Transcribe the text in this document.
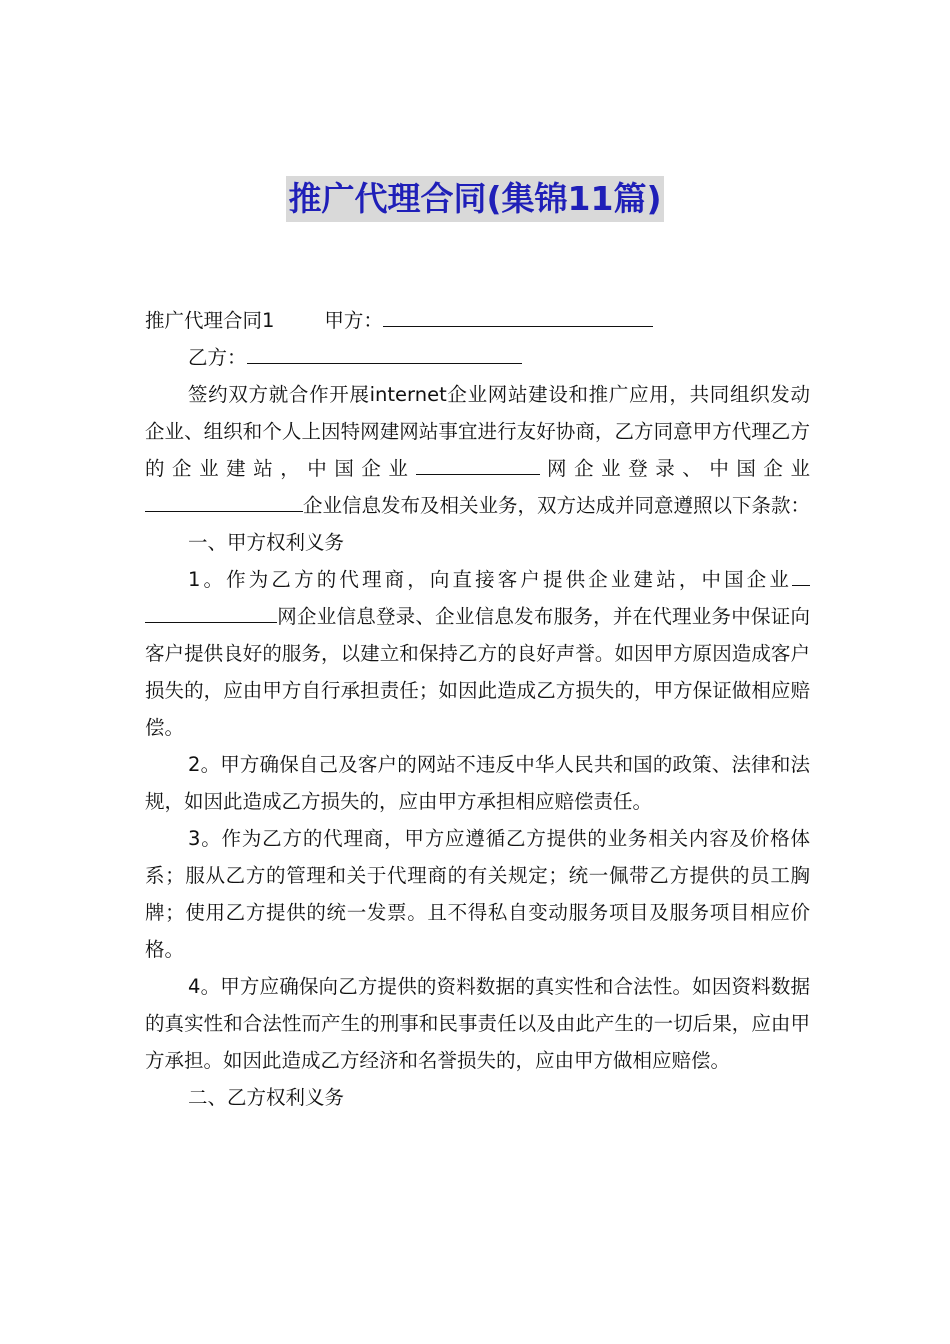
推广代理合同(集锦11篇)

推广代理合同1	甲方：

乙方：

签约双方就合作开展internet企业网站建设和推广应用，共同组织发动企业、组织和个人上因特网建网站事宜进行友好协商，乙方同意甲方代理乙方的企业建站，中国企业	网企业登录、中国企业企业信息发布及相关业务，双方达成并同意遵照以下条款：

一、甲方权利义务

1。作为乙方的代理商，向直接客户提供企业建站，中国企业网企业信息登录、企业信息发布服务，并在代理业务中保证向客户提供良好的服务，以建立和保持乙方的良好声誉。如因甲方原因造成客户损失的，应由甲方自行承担责任；如因此造成乙方损失的，甲方保证做相应赔偿。

2。甲方确保自己及客户的网站不违反中华人民共和国的政策、法律和法规，如因此造成乙方损失的，应由甲方承担相应赔偿责任。

3。作为乙方的代理商，甲方应遵循乙方提供的业务相关内容及价格体系；服从乙方的管理和关于代理商的有关规定；统一佩带乙方提供的员工胸牌；使用乙方提供的统一发票。且不得私自变动服务项目及服务项目相应价格。

4。甲方应确保向乙方提供的资料数据的真实性和合法性。如因资料数据的真实性和合法性而产生的刑事和民事责任以及由此产生的一切后果，应由甲方承担。如因此造成乙方经济和名誉损失的，应由甲方做相应赔偿。

二、乙方权利义务
